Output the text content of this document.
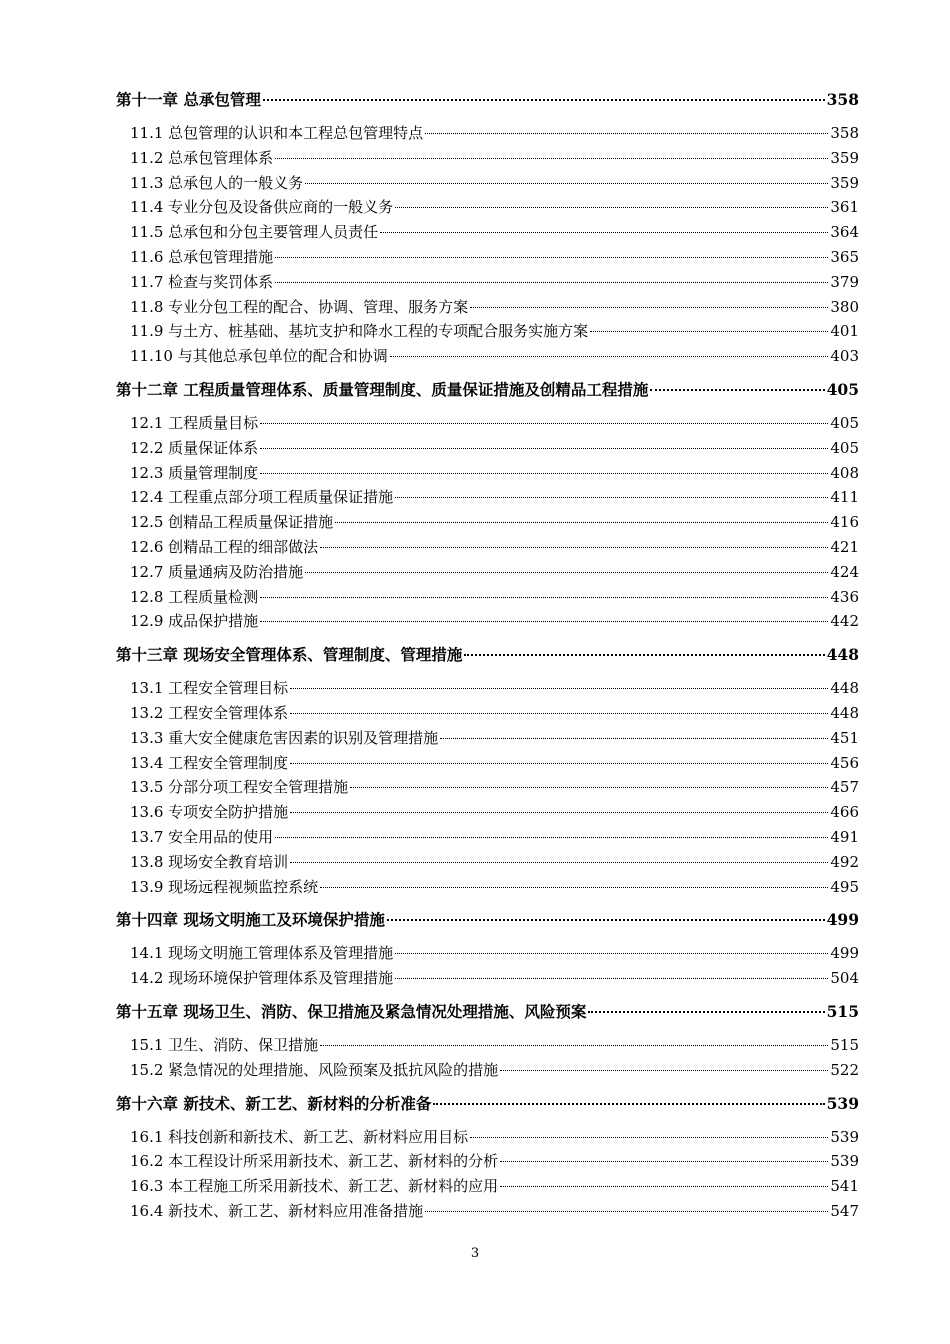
第十一章 总承包管理	358
11.1 总包管理的认识和本工程总包管理特点	358
11.2 总承包管理体系	359
11.3 总承包人的一般义务	359
11.4 专业分包及设备供应商的一般义务	361
11.5 总承包和分包主要管理人员责任	364
11.6 总承包管理措施	365
11.7 检查与奖罚体系	379
11.8 专业分包工程的配合、协调、管理、服务方案	380
11.9 与土方、桩基础、基坑支护和降水工程的专项配合服务实施方案	401
11.10 与其他总承包单位的配合和协调	403
第十二章 工程质量管理体系、质量管理制度、质量保证措施及创精品工程措施	405
12.1 工程质量目标	405
12.2 质量保证体系	405
12.3 质量管理制度	408
12.4 工程重点部分项工程质量保证措施	411
12.5 创精品工程质量保证措施	416
12.6 创精品工程的细部做法	421
12.7 质量通病及防治措施	424
12.8 工程质量检测	436
12.9 成品保护措施	442
第十三章 现场安全管理体系、管理制度、管理措施	448
13.1 工程安全管理目标	448
13.2 工程安全管理体系	448
13.3 重大安全健康危害因素的识别及管理措施	451
13.4 工程安全管理制度	456
13.5 分部分项工程安全管理措施	457
13.6 专项安全防护措施	466
13.7 安全用品的使用	491
13.8 现场安全教育培训	492
13.9 现场远程视频监控系统	495
第十四章 现场文明施工及环境保护措施	499
14.1 现场文明施工管理体系及管理措施	499
14.2 现场环境保护管理体系及管理措施	504
第十五章 现场卫生、消防、保卫措施及紧急情况处理措施、风险预案	515
15.1 卫生、消防、保卫措施	515
15.2 紧急情况的处理措施、风险预案及抵抗风险的措施	522
第十六章 新技术、新工艺、新材料的分析准备	539
16.1 科技创新和新技术、新工艺、新材料应用目标	539
16.2 本工程设计所采用新技术、新工艺、新材料的分析	539
16.3 本工程施工所采用新技术、新工艺、新材料的应用	541
16.4 新技术、新工艺、新材料应用准备措施	547
3
